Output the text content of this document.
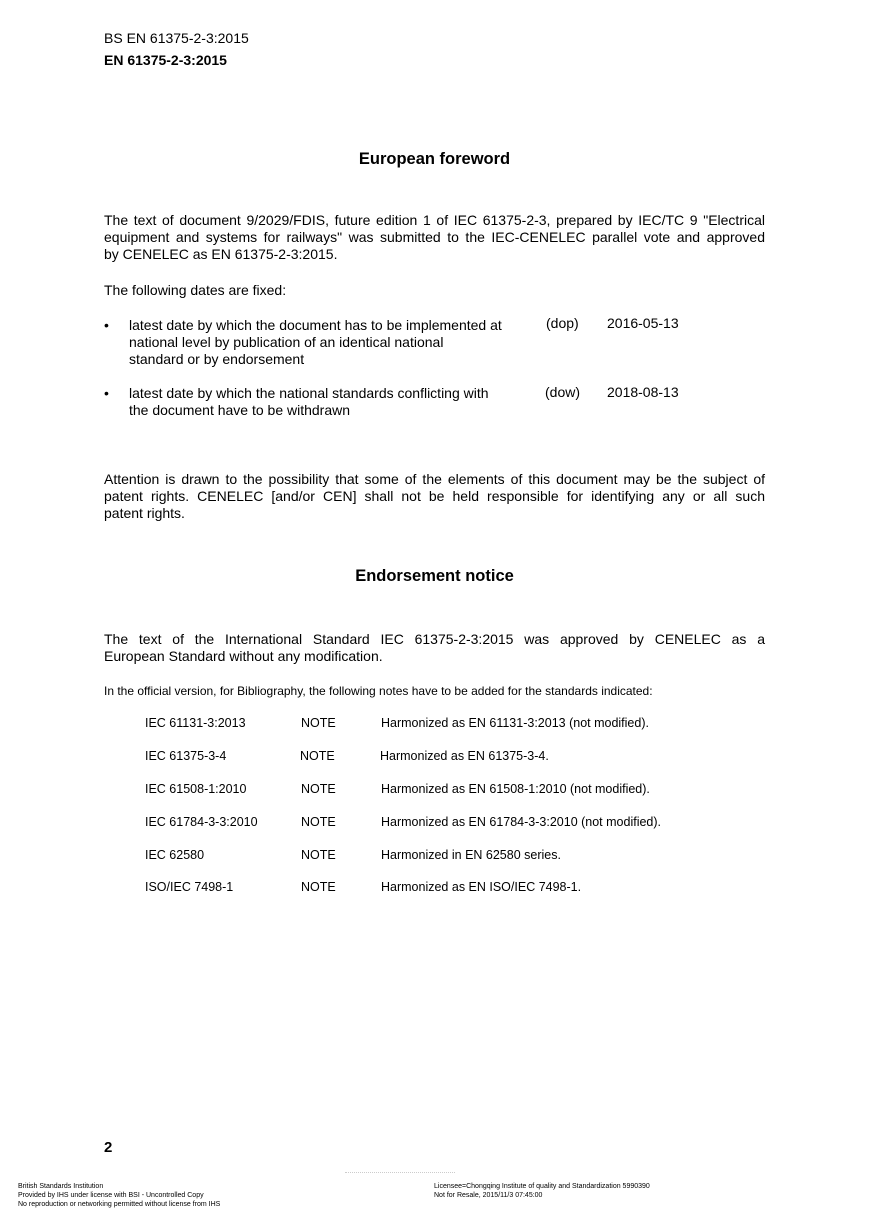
BS EN 61375-2-3:2015
EN 61375-2-3:2015
European foreword
The text of document 9/2029/FDIS, future edition 1 of IEC 61375-2-3, prepared by IEC/TC 9 "Electrical
equipment and systems for railways" was submitted to the IEC-CENELEC parallel vote and approved
by CENELEC as EN 61375-2-3:2015.
The following dates are fixed:
• latest date by which the document has to be implemented at
national level by publication of an identical national
standard or by endorsement
(dop) 2016-05-13
• latest date by which the national standards conflicting with
the document have to be withdrawn
(dow) 2018-08-13
Attention is drawn to the possibility that some of the elements of this document may be the subject of
patent rights. CENELEC [and/or CEN] shall not be held responsible for identifying any or all such
patent rights.
Endorsement notice
The text of the International Standard IEC 61375-2-3:2015 was approved by CENELEC as a
European Standard without any modification.
In the official version, for Bibliography, the following notes have to be added for the standards indicated:
IEC 61131-3:2013	NOTE	Harmonized as EN 61131-3:2013 (not modified).
IEC 61375-3-4	NOTE	Harmonized as EN 61375-3-4.
IEC 61508-1:2010	NOTE	Harmonized as EN 61508-1:2010 (not modified).
IEC 61784-3-3:2010	NOTE	Harmonized as EN 61784-3-3:2010 (not modified).
IEC 62580	NOTE	Harmonized in EN 62580 series.
ISO/IEC 7498-1	NOTE	Harmonized as EN ISO/IEC 7498-1.
2
British Standards Institution
Provided by IHS under license with BSI - Uncontrolled Copy
No reproduction or networking permitted without license from IHS
Licensee=Chongqing Institute of quality and Standardization 5990390
Not for Resale, 2015/11/3 07:45:00
